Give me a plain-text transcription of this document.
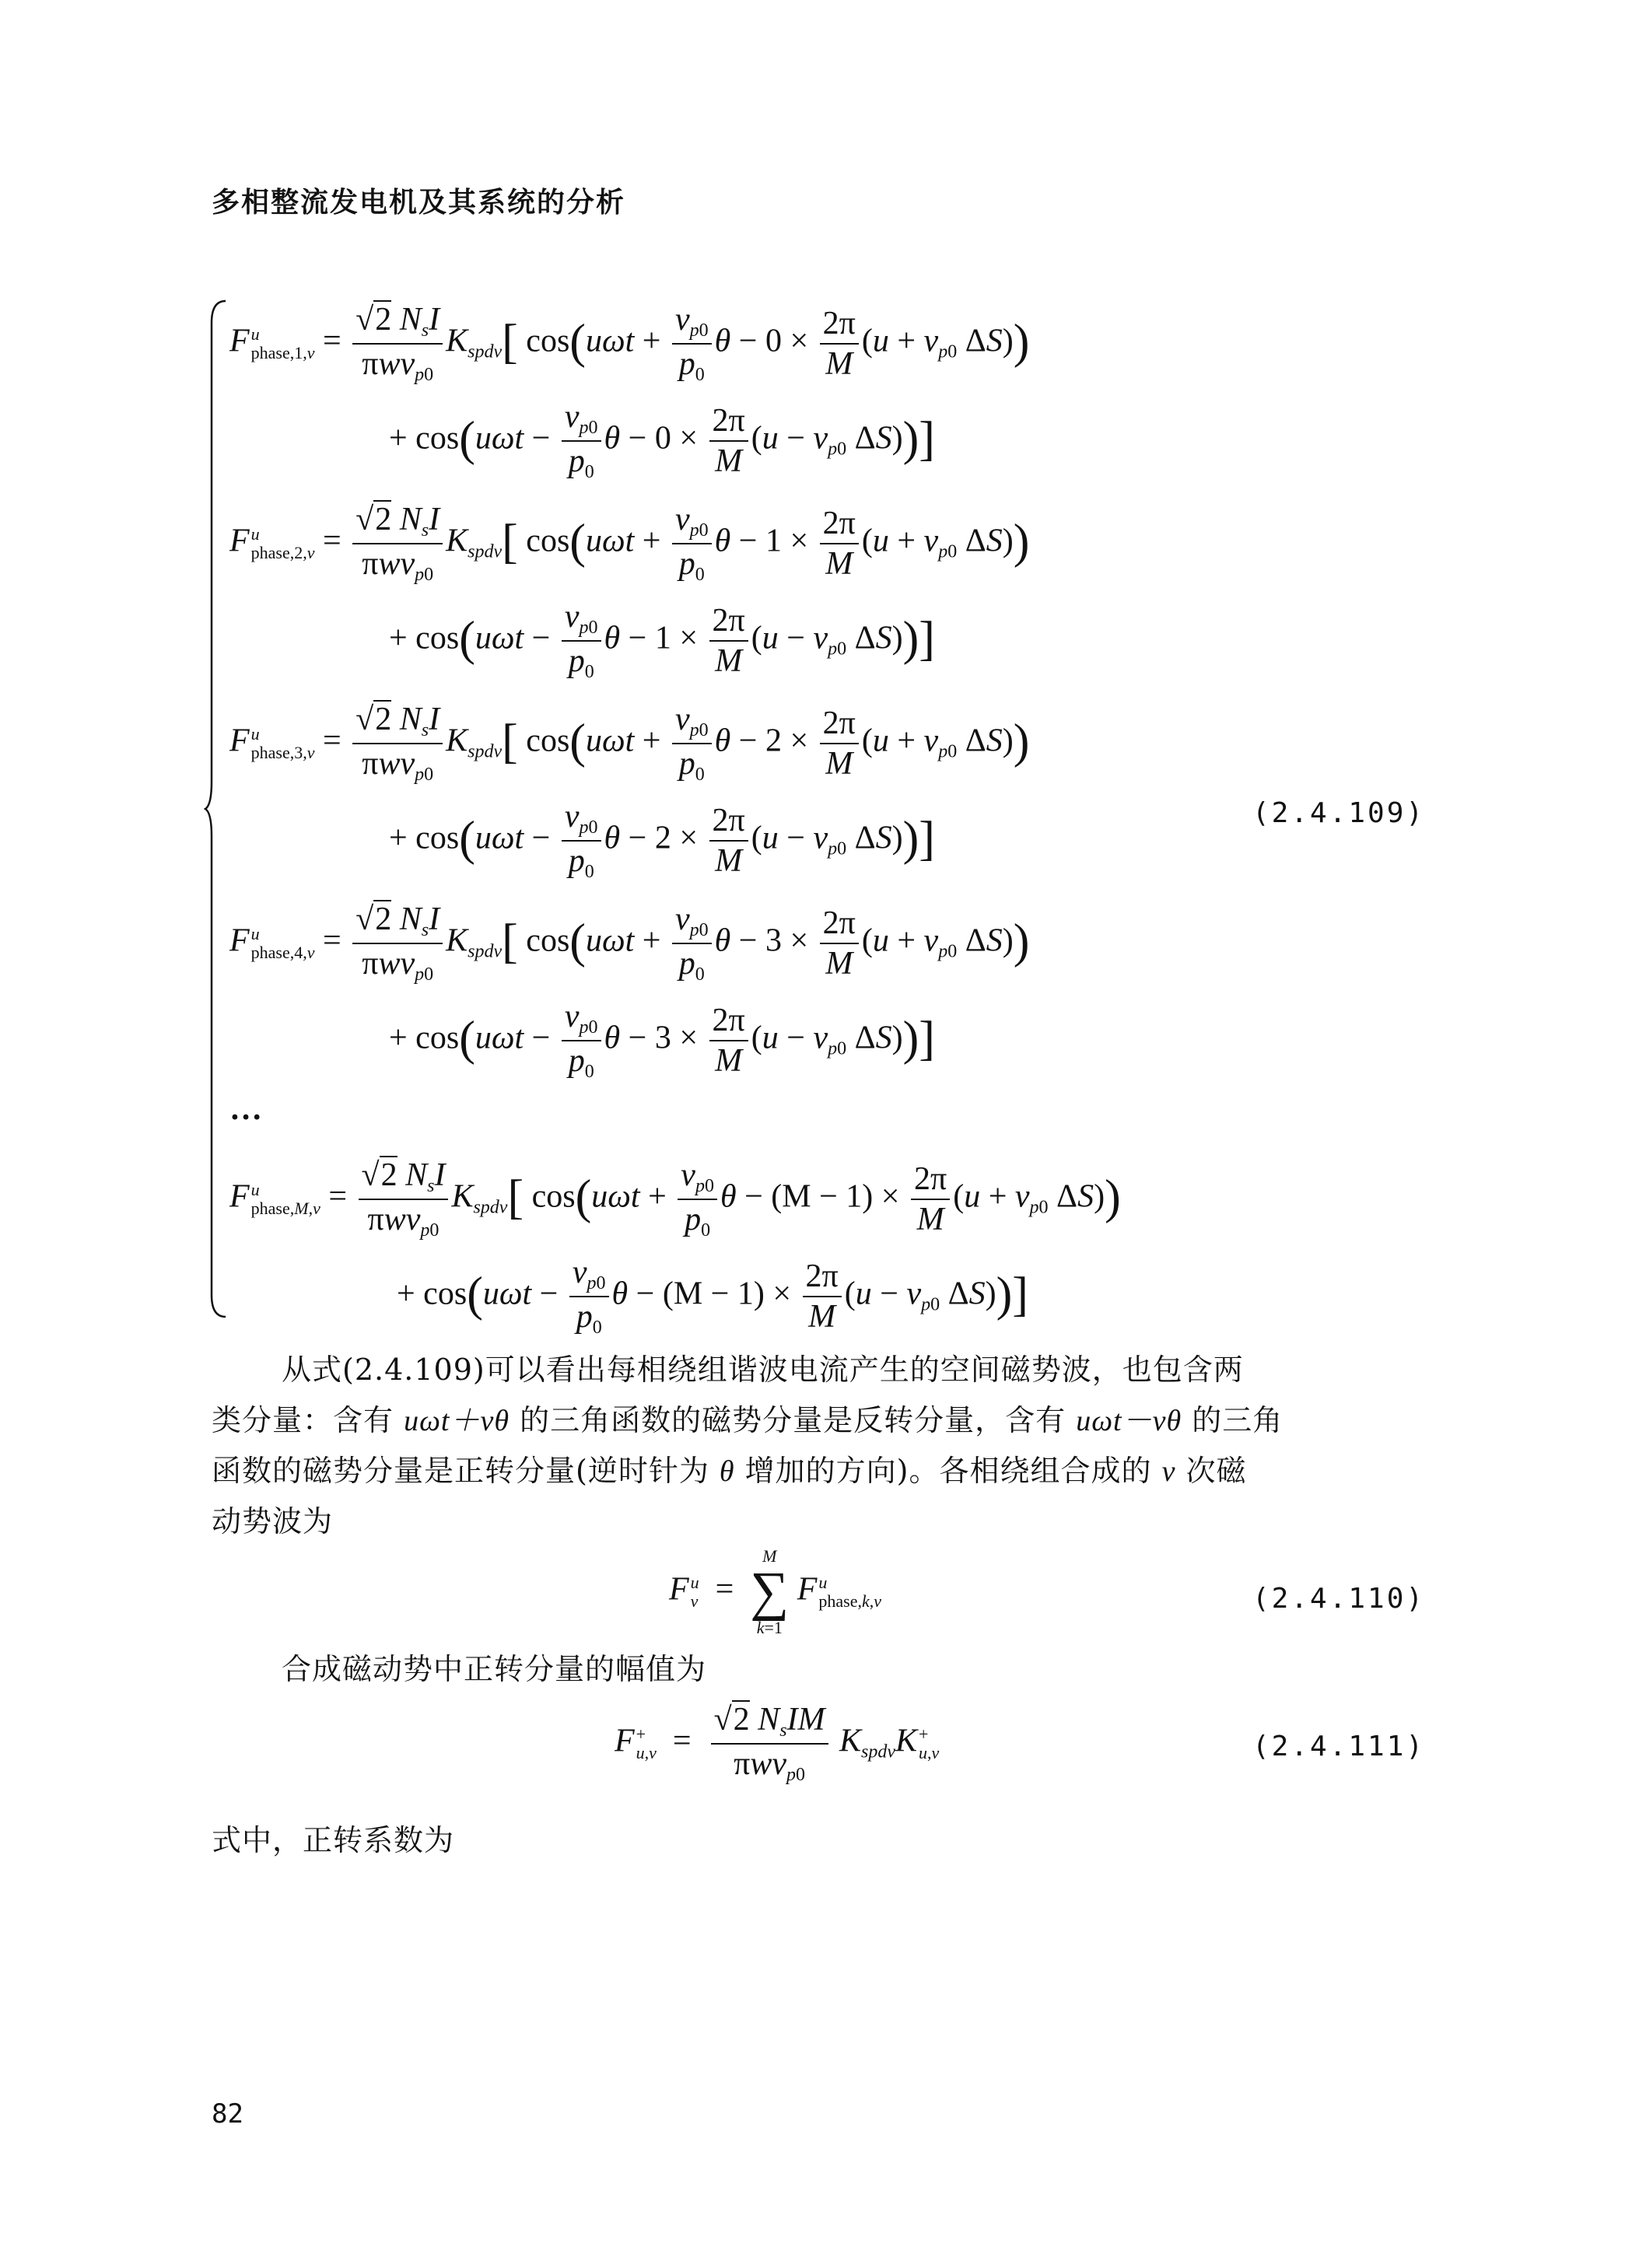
多相整流发电机及其系统的分析
F u
phase,1,v = $\frac{√2 N_sI}{\pi wv_{p0}} K_{spdv}$[ $\cos(u\omega t + \frac{v_{p0}}{p_0}$ $\theta - 0 \times \frac{2\pi}{M} (u + v_{p0}$ ΔS))
+ $\cos(u\omega t - \frac{v_{p0}}{p_0}$ $\theta - 0 \times \frac{2\pi}{M} (u - v_{p0}$ ΔS))]
F u
phase,2,v = $\frac{√2 N_sI}{\pi wv_{p0}} K_{spdv}$[ $\cos(u\omega t + \frac{v_{p0}}{p_0}$ $\theta - 1 \times \frac{2\pi}{M} (u + v_{p0}$ ΔS))
+ $\cos(u\omega t - \frac{v_{p0}}{p_0}$ $\theta - 1 \times \frac{2\pi}{M} (u - v_{p0}$ ΔS))]
F u
phase,3,v = $\frac{√2 N_sI}{\pi wv_{p0}} K_{spdv}$[ $\cos(u\omega t + \frac{v_{p0}}{p_0}$ $\theta - 2 \times \frac{2\pi}{M} (u + v_{p0}$ ΔS))
+ $\cos(u\omega t - \frac{v_{p0}}{p_0}$ $\theta - 2 \times \frac{2\pi}{M} (u - v_{p0}$ ΔS))]
F u
phase,4,v = $\frac{√2 N_sI}{\pi wv_{p0}} K_{spdv}$[ $\cos(u\omega t + \frac{v_{p0}}{p_0}$ $\theta - 3 \times \frac{2\pi}{M} (u + v_{p0}$ ΔS))
+ $\cos(u\omega t - \frac{v_{p0}}{p_0}$ $\theta - 3 \times \frac{2\pi}{M} (u - v_{p0}$ ΔS))]
…
F u
phase,M,v = $\frac{√2 N_sI}{\pi wv_{p0}} K_{spdv}$[ $\cos(u\omega t + \frac{v_{p0}}{p_0}$ $\theta - (M - 1) \times \frac{2\pi}{M} (u + v_{p0}$ ΔS))
+ $\cos(u\omega t - \frac{v_{p0}}{p_0}$ $\theta - (M - 1) \times \frac{2\pi}{M} (u - v_{p0}$ ΔS))]
(2.4.109)
从式(2.4.109)可以看出每相绕组谐波电流产生的空间磁势波，也包含两
类分量：含有 uωt＋vθ 的三角函数的磁势分量是反转分量，含有 uωt－vθ 的三角
函数的磁势分量是正转分量(逆时针为 θ 增加的方向)。各相绕组合成的 v 次磁
动势波为
F u
v =
M
∑
k=1
F u
phase,k,v	(2.4.110)
合成磁动势中正转分量的幅值为
F +
$u,v = \frac{√2 N_sIM}{\pi wv_{p0}} K_{spdv}K$ +
u,v	(2.4.111)
式中，正转系数为
82
